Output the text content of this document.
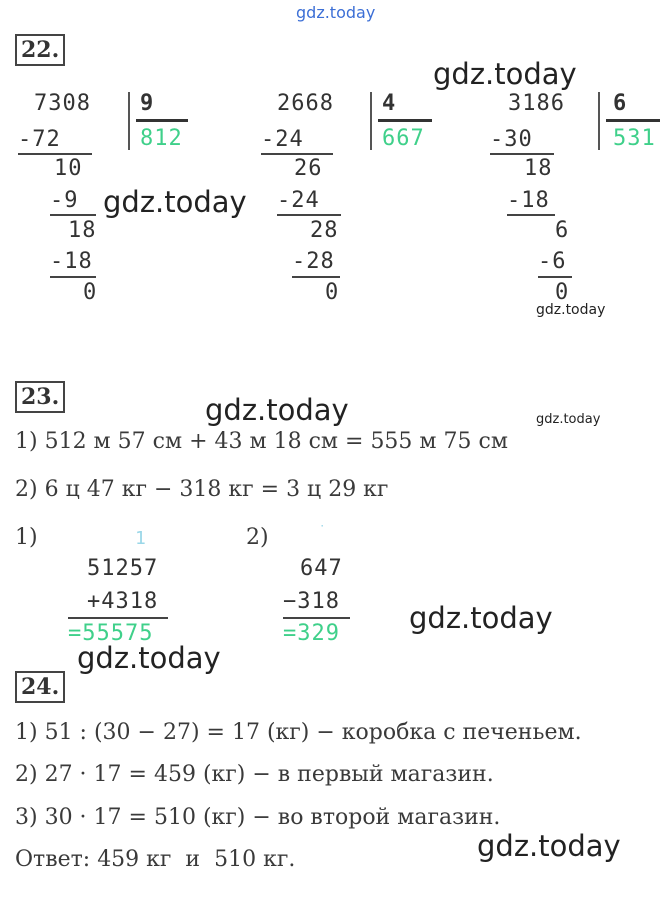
gdz.today
22.
7308 9
812
-72
10
-9
18
-18
0
2668 4
667
-24
26
-24
28
-28
0
3186 6
531
-30
18
-18
6
-6
0
23.
1) 512 м 57 см + 43 м 18 см = 555 м 75 см
2) 6 ц 47 кг − 318 кг = 3 ц 29 кг
1)	1
51257
+4318
=55575
2)	˙
647
−318
=329
24.
1) 51 : (30 − 27) = 17 (кг) − коробка с печеньем.
2) 27 · 17 = 459 (кг) − в первый магазин.
3) 30 · 17 = 510 (кг) − во второй магазин.
Ответ: 459 кг  и  510 кг.
gdz.today
gdz.today
gdz.today
gdz.today	gdz.today
gdz.today
gdz.today
gdz.today
